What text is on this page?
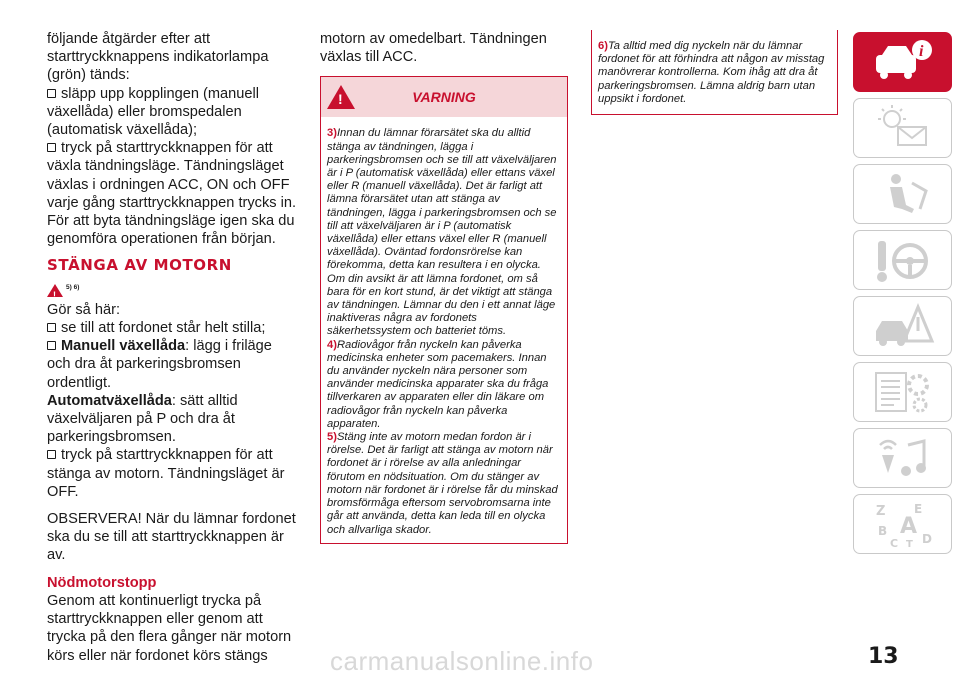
följande åtgärder efter att starttryckknappens indikatorlampa (grön) tänds:

släpp upp kopplingen (manuell växellåda) eller bromspedalen (automatisk växellåda);

tryck på starttryckknappen för att växla tändningsläge. Tändningsläget växlas i ordningen ACC, ON och OFF varje gång starttryckknappen trycks in. För att byta tändningsläge igen ska du genomföra operationen från början.

STÄNGA AV MOTORN
!
5) 6)

Gör så här:

se till att fordonet står helt stilla;

Manuell växellåda: lägg i friläge och dra åt parkeringsbromsen ordentligt.

Automatväxellåda: sätt alltid växelväljaren på P och dra åt parkeringsbromsen.

tryck på starttryckknappen för att stänga av motorn. Tändningsläget är OFF.

OBSERVERA! När du lämnar fordonet ska du se till att starttryckknappen är av.

Nödmotorstopp

Genom att kontinuerligt trycka på starttryckknappen eller genom att trycka på den flera gånger när motorn körs eller när fordonet körs stängs

motorn av omedelbart. Tändningen växlas till ACC.

!
VARNING
3)Innan du lämnar förarsätet ska du alltid stänga av tändningen, lägga i parkeringsbromsen och se till att växelväljaren är i P (automatisk växellåda) eller ettans växel eller R (manuell växellåda). Det är farligt att lämna förarsätet utan att stänga av tändningen, lägga i parkeringsbromsen och se till att växelväljaren är i P (automatisk växellåda) eller ettans växel eller R (manuell växellåda). Oväntad fordonsrörelse kan förekomma, detta kan resultera i en olycka. Om din avsikt är att lämna fordonet, om så bara för en kort stund, är det viktigt att stänga av tändningen. Lämnar du den i ett annat läge inaktiveras några av fordonets säkerhetssystem och batteriet töms.
4)Radiovågor från nyckeln kan påverka medicinska enheter som pacemakers. Innan du använder nyckeln nära personer som använder medicinska apparater ska du fråga tillverkaren av apparaten eller din läkare om radiovågor från nyckeln kan påverka apparaten.
5)Stäng inte av motorn medan fordon är i rörelse. Det är farligt att stänga av motorn när fordonet är i rörelse av alla anledningar förutom en nödsituation. Om du stänger av motorn när fordonet är i rörelse får du minskad bromsförmåga eftersom servobromsarna inte går att använda, detta kan leda till en olycka och allvarliga skador.
6)Ta alltid med dig nyckeln när du lämnar fordonet för att förhindra att någon av misstag manövrerar kontrollerna. Kom ihåg att dra åt parkeringsbromsen. Lämna aldrig barn utan uppsikt i fordonet.
i
Z E
B A
C T D
13
carmanualsonline.info
